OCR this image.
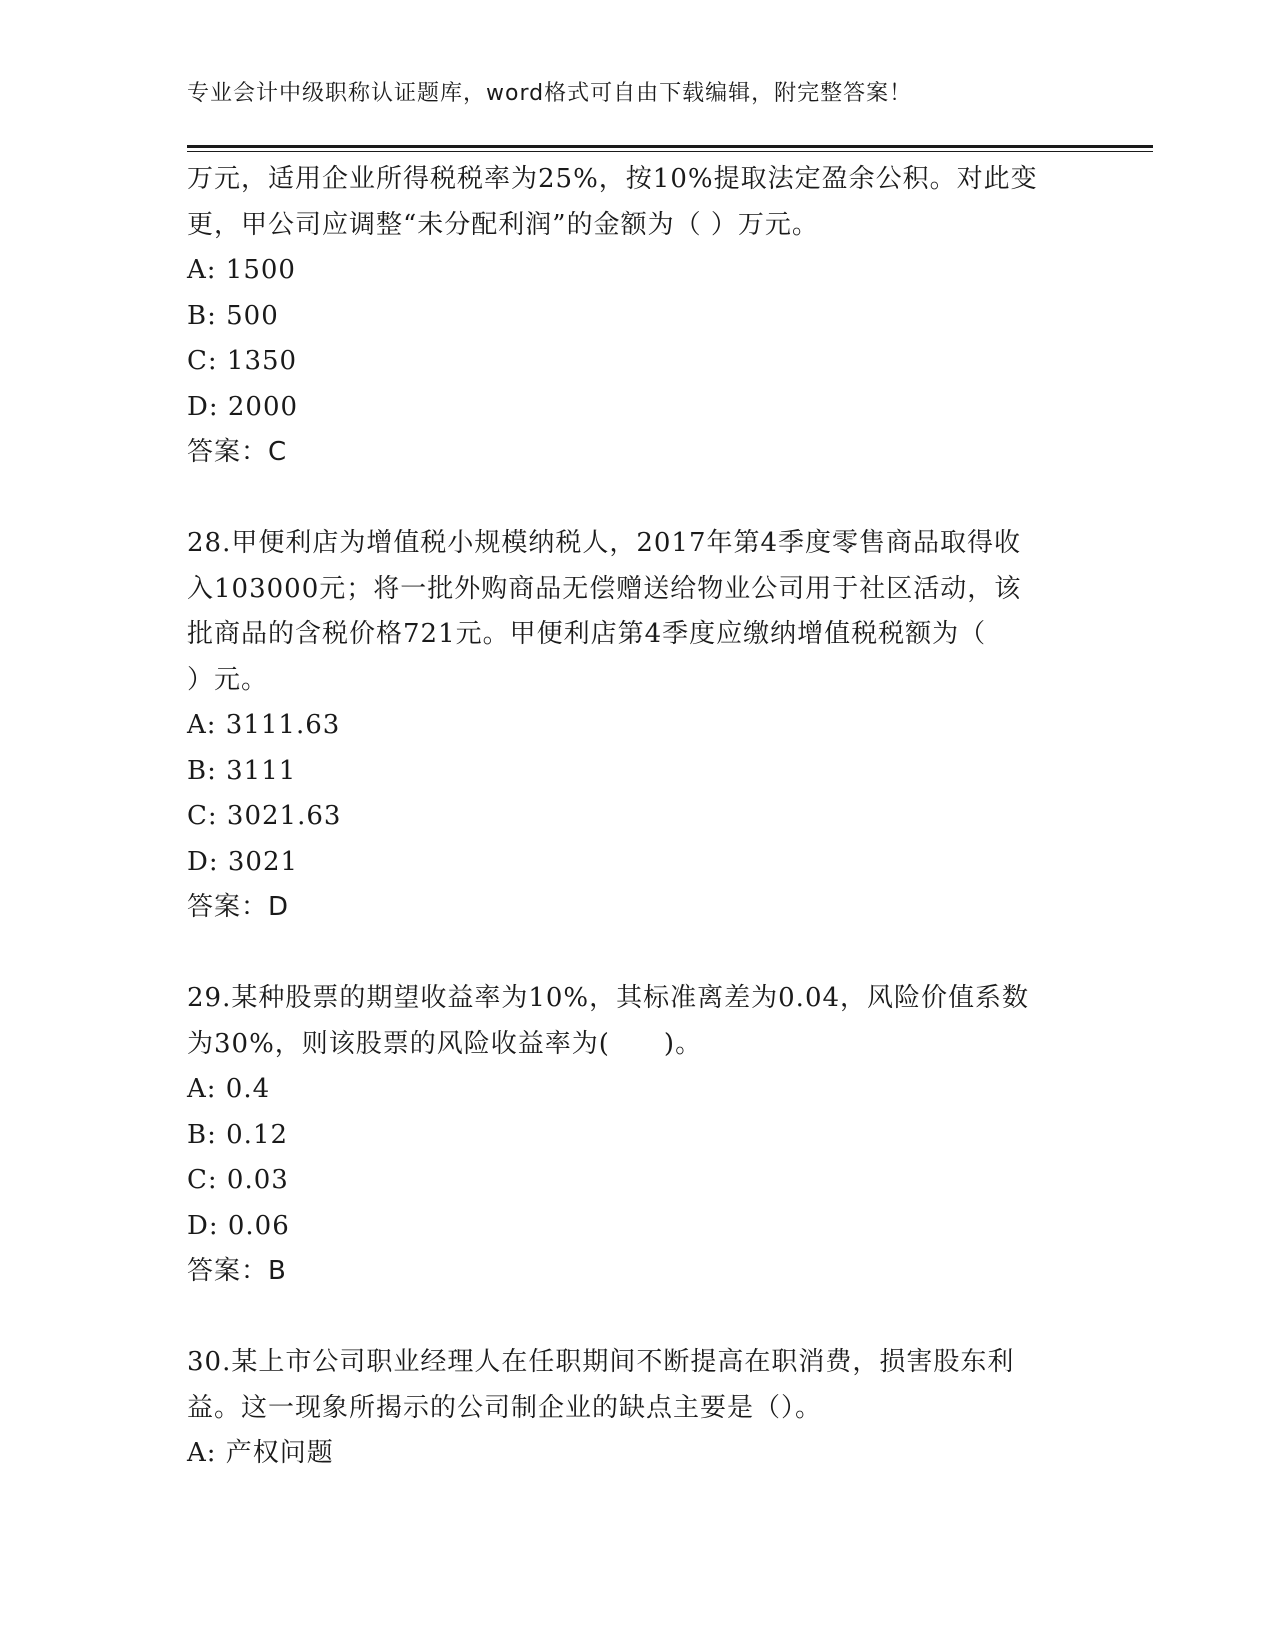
专业会计中级职称认证题库，word格式可自由下载编辑，附完整答案！
万元，适用企业所得税税率为25%，按10%提取法定盈余公积。对此变
更，甲公司应调整“未分配利润”的金额为（ ）万元。
A: 1500
B: 500
C: 1350
D: 2000
答案：C
28.甲便利店为增值税小规模纳税人，2017年第4季度零售商品取得收
入103000元；将一批外购商品无偿赠送给物业公司用于社区活动，该
批商品的含税价格721元。甲便利店第4季度应缴纳增值税税额为（
）元。
A: 3111.63
B: 3111
C: 3021.63
D: 3021
答案：D
29.某种股票的期望收益率为10%，其标准离差为0.04，风险价值系数
为30%，则该股票的风险收益率为(　　)。
A: 0.4
B: 0.12
C: 0.03
D: 0.06
答案：B
30.某上市公司职业经理人在任职期间不断提高在职消费，损害股东利
益。这一现象所揭示的公司制企业的缺点主要是（）。
A: 产权问题
